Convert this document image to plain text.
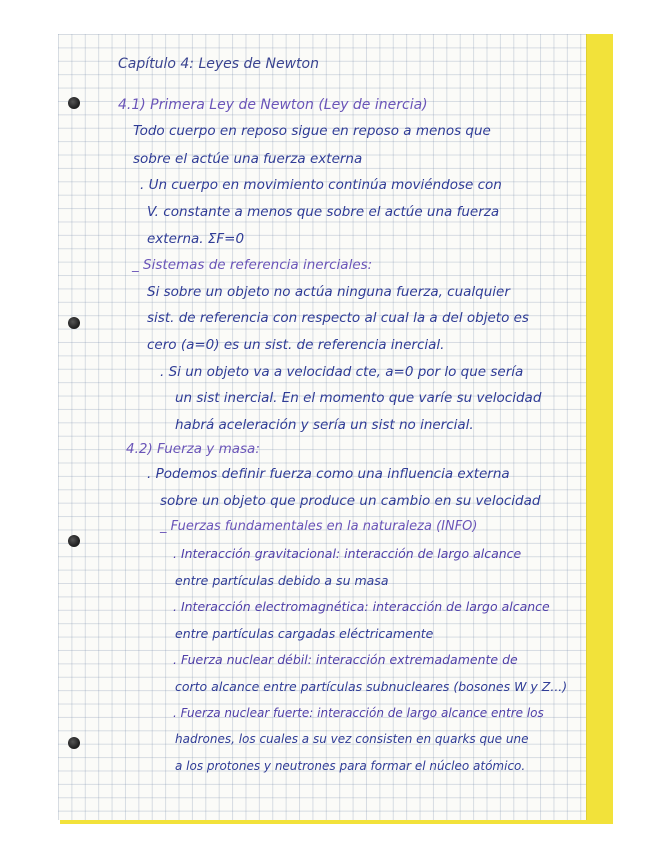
Capítulo 4: Leyes de Newton
4.1) Primera Ley de Newton (Ley de inercia)
Todo cuerpo en reposo sigue en reposo a menos que
sobre el actúe una fuerza externa
. Un cuerpo en movimiento continúa moviéndose con
V. constante a menos que sobre el actúe una fuerza
externa. ΣF=0
_ Sistemas de referencia inerciales:
Si sobre un objeto no actúa ninguna fuerza, cualquier
sist. de referencia con respecto al cual la a del objeto es
cero (a=0) es un sist. de referencia inercial.
. Si un objeto va a velocidad cte, a=0 por lo que sería
un sist inercial. En el momento que varíe su velocidad
habrá aceleración y sería un sist no inercial.
4.2) Fuerza y masa:
. Podemos definir fuerza como una influencia externa
sobre un objeto que produce un cambio en su velocidad
_ Fuerzas fundamentales en la naturaleza (INFO)
. Interacción gravitacional: interacción de largo alcance
entre partículas debido a su masa
. Interacción electromagnética: interacción de largo alcance
entre partículas cargadas eléctricamente
. Fuerza nuclear débil: interacción extremadamente de
corto alcance entre partículas subnucleares (bosones W y Z...)
. Fuerza nuclear fuerte: interacción de largo alcance entre los
hadrones, los cuales a su vez consisten en quarks que une
a los protones y neutrones para formar el núcleo atómico.
